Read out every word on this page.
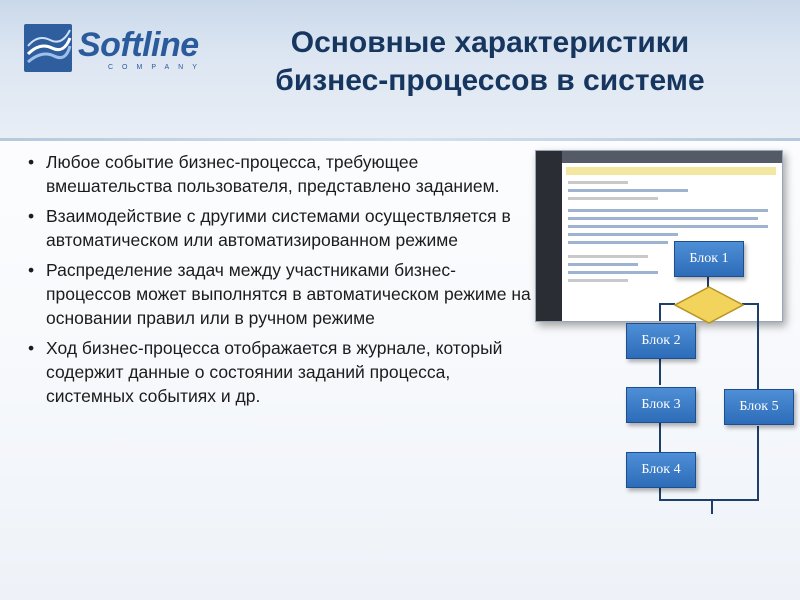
Softline
COMPANY
Основные характеристики
бизнес-процессов в системе
• Любое событие бизнес-процесса, требующее вмешательства пользователя, представлено заданием.
• Взаимодействие с другими системами осуществляется в автоматическом или автоматизированном режиме
• Распределение задач между участниками бизнес-процессов может выполнятся в автоматическом режиме на основании правил или в ручном режиме
• Ход бизнес-процесса отображается в журнале, который содержит данные о состоянии заданий процесса, системных событиях и др.
Блок 1
Блок 2
Блок 3	Блок 5
Блок 4
